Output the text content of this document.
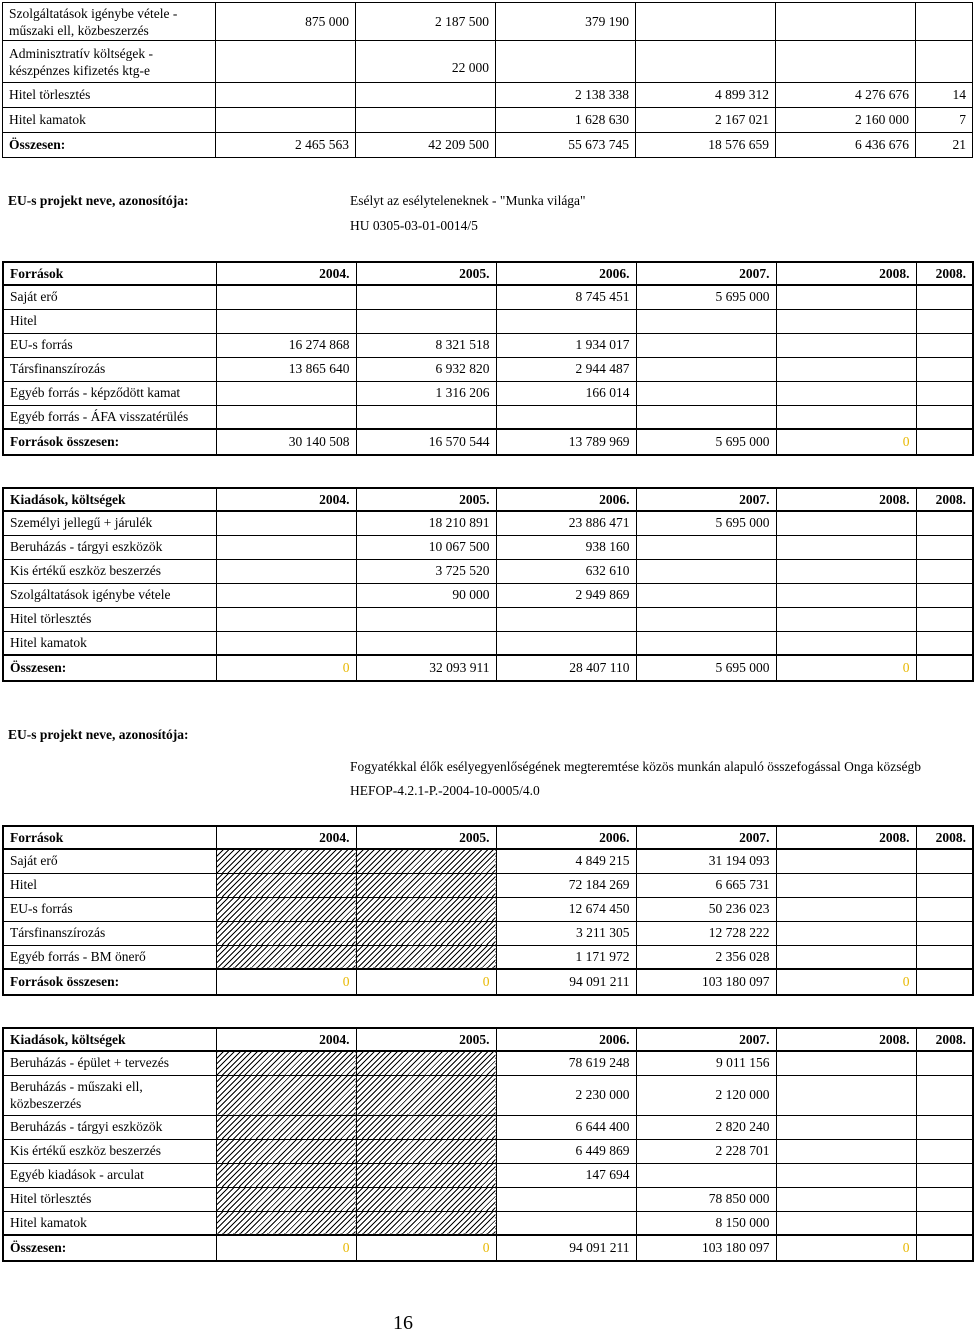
Szolgáltatások igénybe vétele - műszaki ell, közbeszerzés	875 000	2 187 500	379 190			
Adminisztratív költségek - készpénzes kifizetés ktg-e		22 000				
Hitel törlesztés			2 138 338	4 899 312	4 276 676	14
Hitel kamatok			1 628 630	2 167 021	2 160 000	7
Összesen:	2 465 563	42 209 500	55 673 745	18 576 659	6 436 676	21
EU-s projekt neve, azonosítója:	Esélyt az esélyteleneknek - "Munka világa"
HU 0305-03-01-0014/5
Források	2004.	2005.	2006.	2007.	2008.	2008.
Saját erő			8 745 451	5 695 000		
Hitel						
EU-s forrás	16 274 868	8 321 518	1 934 017			
Társfinanszírozás	13 865 640	6 932 820	2 944 487			
Egyéb forrás - képződött kamat		1 316 206	166 014			
Egyéb forrás - ÁFA visszatérülés						
Források összesen:	30 140 508	16 570 544	13 789 969	5 695 000	0	
Kiadások, költségek	2004.	2005.	2006.	2007.	2008.	2008.
Személyi jellegű + járulék		18 210 891	23 886 471	5 695 000		
Beruházás - tárgyi eszközök		10 067 500	938 160			
Kis értékű eszköz beszerzés		3 725 520	632 610			
Szolgáltatások igénybe vétele		90 000	2 949 869			
Hitel törlesztés						
Hitel kamatok						
Összesen:	0	32 093 911	28 407 110	5 695 000	0	
EU-s projekt neve, azonosítója:
Fogyatékkal élők esélyegyenlőségének megteremtése közös munkán alapuló összefogással Onga községb
HEFOP-4.2.1-P.-2004-10-0005/4.0
Források	2004.	2005.	2006.	2007.	2008.	2008.
Saját erő			4 849 215	31 194 093		
Hitel			72 184 269	6 665 731		
EU-s forrás			12 674 450	50 236 023		
Társfinanszírozás			3 211 305	12 728 222		
Egyéb forrás - BM önerő			1 171 972	2 356 028		
Források összesen:	0	0	94 091 211	103 180 097	0	
Kiadások, költségek	2004.	2005.	2006.	2007.	2008.	2008.
Beruházás - épület + tervezés			78 619 248	9 011 156		
Beruházás - műszaki ell, közbeszerzés			2 230 000	2 120 000		
Beruházás - tárgyi eszközök			6 644 400	2 820 240		
Kis értékű eszköz beszerzés			6 449 869	2 228 701		
Egyéb kiadások - arculat			147 694			
Hitel törlesztés				78 850 000		
Hitel kamatok				8 150 000		
Összesen:	0	0	94 091 211	103 180 097	0	
16
